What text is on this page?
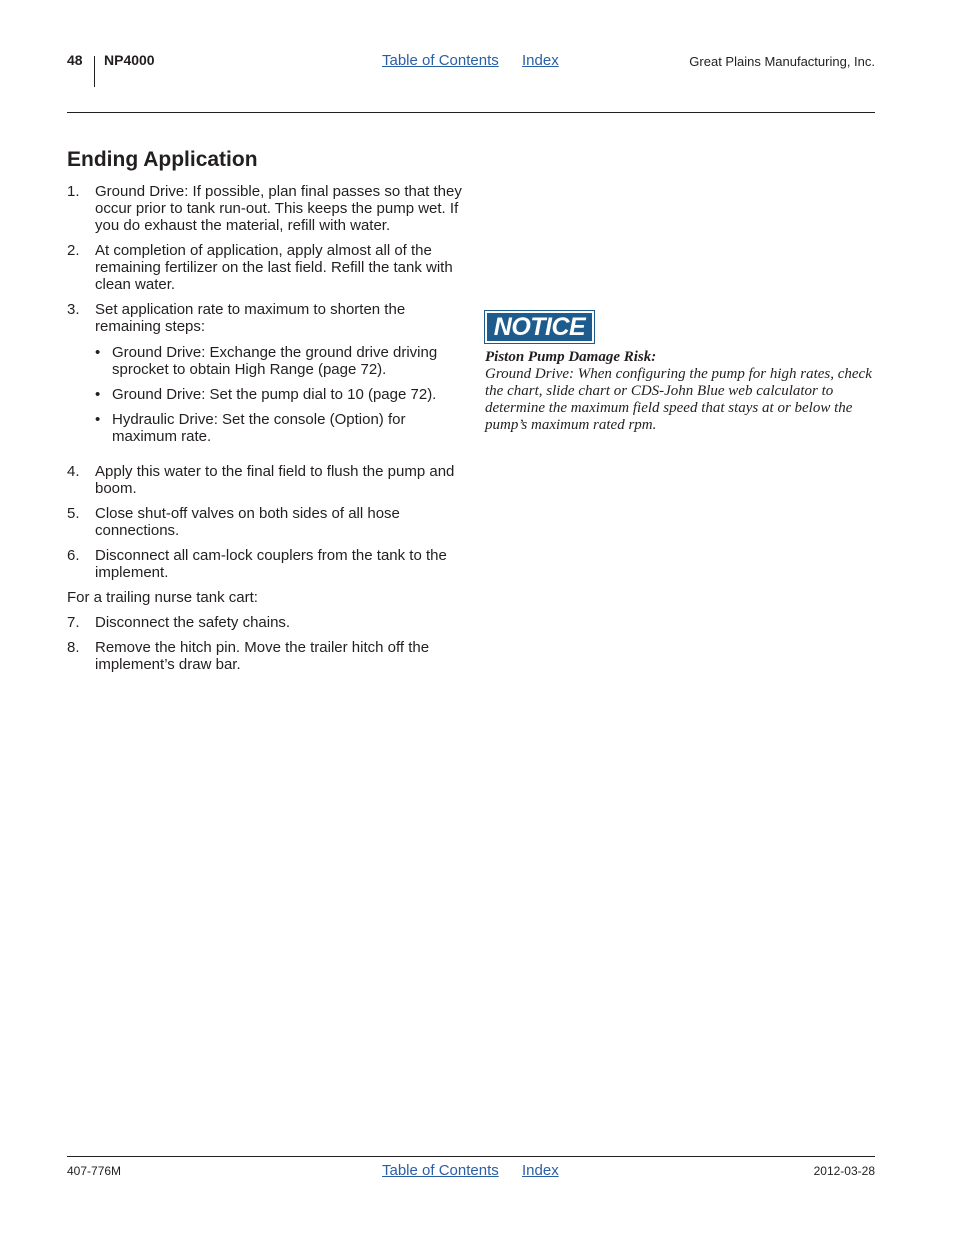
48 NP4000	Table of Contents Index	Great Plains Manufacturing, Inc.
Ending Application
1. Ground Drive: If possible, plan final passes so that they occur prior to tank run-out. This keeps the pump wet. If you do exhaust the material, refill with water.
2. At completion of application, apply almost all of the remaining fertilizer on the last field. Refill the tank with clean water.
3. Set application rate to maximum to shorten the remaining steps:
• Ground Drive: Exchange the ground drive driving sprocket to obtain High Range (page 72).
• Ground Drive: Set the pump dial to 10 (page 72).
• Hydraulic Drive: Set the console (Option) for maximum rate.
4. Apply this water to the final field to flush the pump and boom.
5. Close shut-off valves on both sides of all hose connections.
6. Disconnect all cam-lock couplers from the tank to the implement.
For a trailing nurse tank cart:
7. Disconnect the safety chains.
8. Remove the hitch pin. Move the trailer hitch off the implement’s draw bar.
NOTICE
Piston Pump Damage Risk:
Ground Drive: When configuring the pump for high rates, check the chart, slide chart or CDS-John Blue web calculator to determine the maximum field speed that stays at or below the pump’s maximum rated rpm.
407-776M	Table of Contents Index	2012-03-28
